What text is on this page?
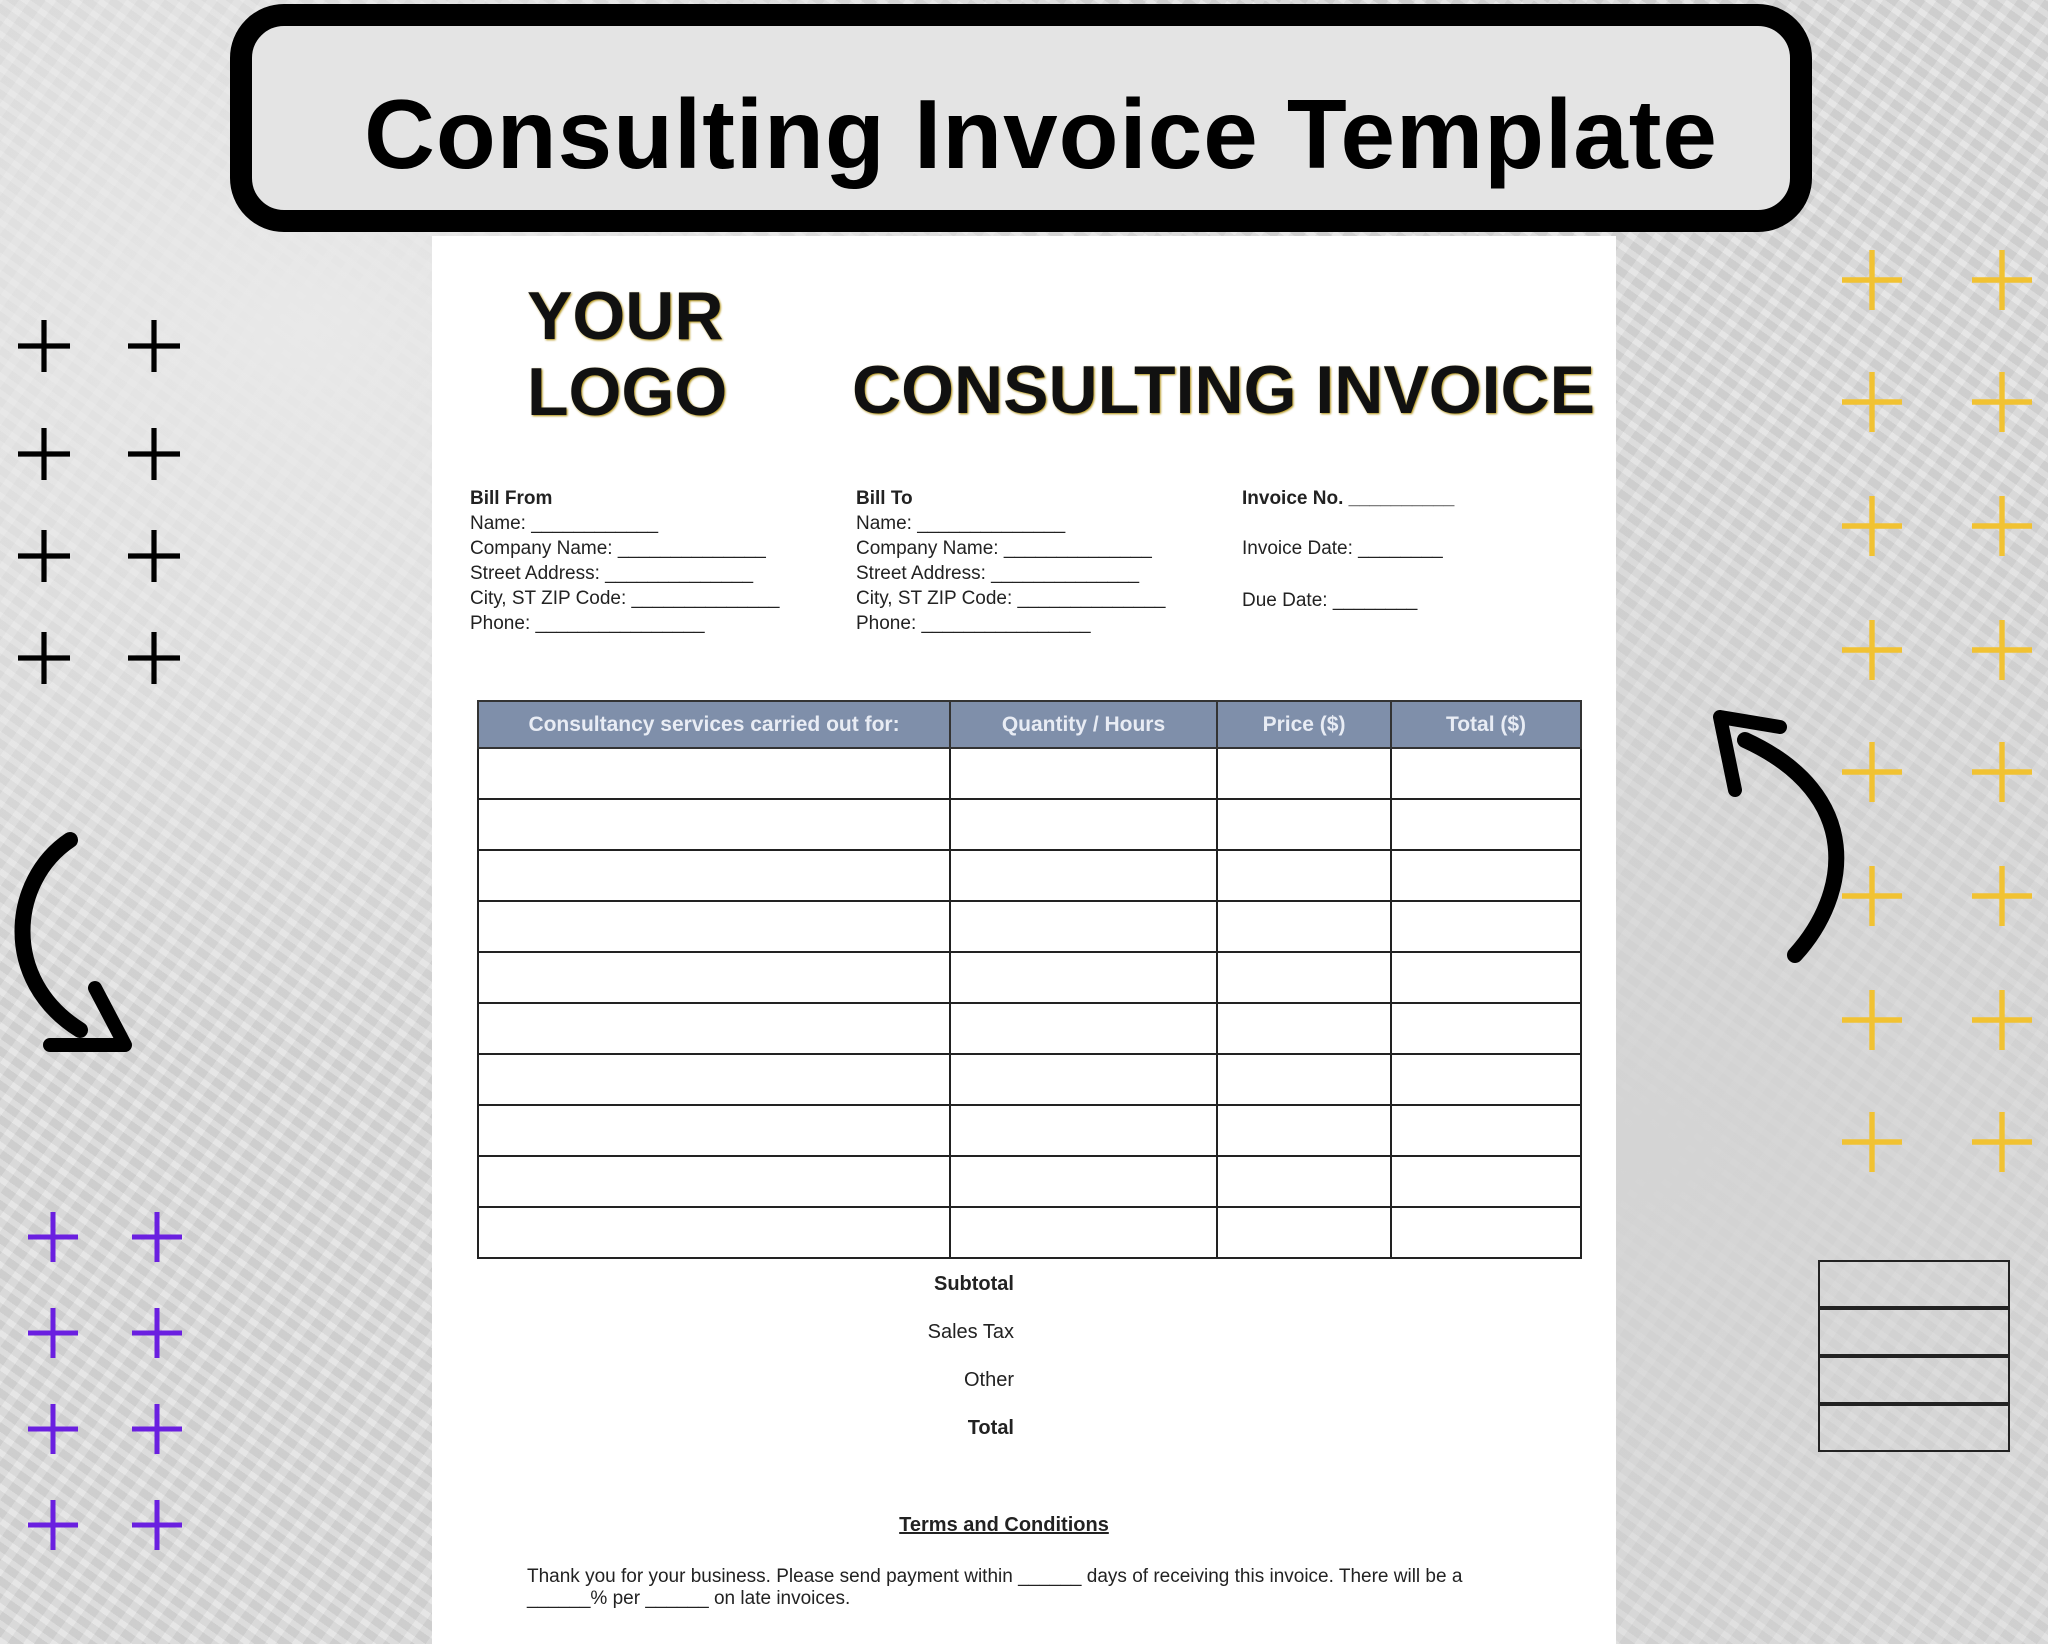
Consulting Invoice Template
YOUR
LOGO CONSULTING INVOICE
Bill From
Name: ____________
Company Name: ______________
Street Address: ______________
City, ST ZIP Code: ______________
Phone: ________________
Bill To
Name: ______________
Company Name: ______________
Street Address: ______________
City, ST ZIP Code: ______________
Phone: ________________
Invoice No. __________
Invoice Date: ________
Due Date: ________
Consultancy services carried out for:	Quantity / Hours	Price ($)	Total ($)

Subtotal
Sales Tax
Other
Total
Terms and Conditions
Thank you for your business. Please send payment within ______ days of receiving this invoice. There will be a ______% per ______ on late invoices.
